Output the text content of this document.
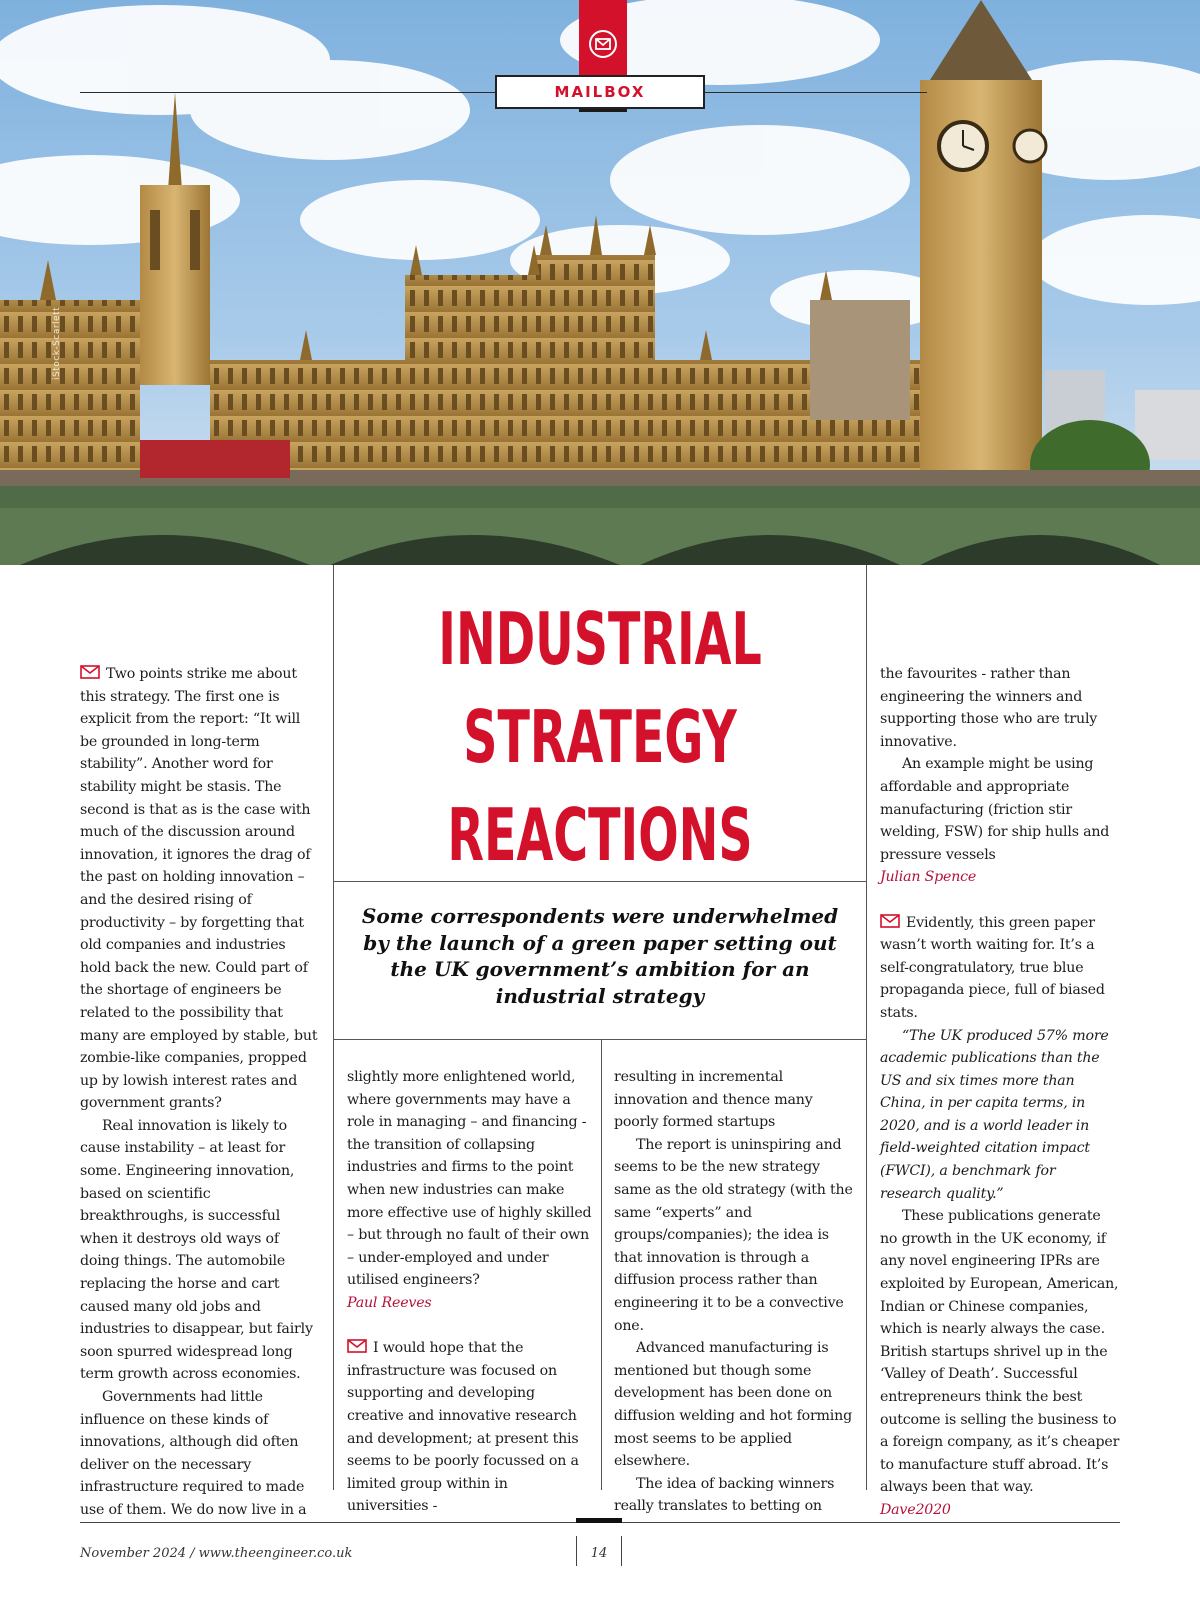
iStock-Scarlett
MAILBOX
INDUSTRIAL
STRATEGY
REACTIONS

Some correspondents were underwhelmed by the launch of a green paper setting out the UK government’s ambition for an industrial strategy

Two points strike me about this strategy. The first one is explicit from the report: “It will be grounded in long-term stability”. Another word for stability might be stasis. The second is that as is the case with much of the discussion around innovation, it ignores the drag of the past on holding innovation – and the desired rising of productivity – by forgetting that old companies and industries hold back the new. Could part of the shortage of engineers be related to the possibility that many are employed by stable, but zombie-like companies, propped up by lowish interest rates and government grants?

Real innovation is likely to cause instability – at least for some. Engineering innovation, based on scientific breakthroughs, is successful when it destroys old ways of doing things. The automobile replacing the horse and cart caused many old jobs and industries to disappear, but fairly soon spurred widespread long term growth across economies.

Governments had little influence on these kinds of innovations, although did often deliver on the necessary infrastructure required to made use of them. We do now live in a

slightly more enlightened world, where governments may have a role in managing – and financing - the transition of collapsing industries and firms to the point when new industries can make more effective use of highly skilled – but through no fault of their own – under-employed and under utilised engineers?

Paul Reeves

I would hope that the infrastructure was focused on supporting and developing creative and innovative research and development; at present this seems to be poorly focussed on a limited group within in universities -

resulting in incremental innovation and thence many poorly formed startups

The report is uninspiring and seems to be the new strategy same as the old strategy (with the same “experts” and groups/companies); the idea is that innovation is through a diffusion process rather than engineering it to be a convective one.

Advanced manufacturing is mentioned but though some development has been done on diffusion welding and hot forming most seems to be applied elsewhere.

The idea of backing winners really translates to betting on

the favourites - rather than engineering the winners and supporting those who are truly innovative.

An example might be using affordable and appropriate manufacturing (friction stir welding, FSW) for ship hulls and pressure vessels

Julian Spence

Evidently, this green paper wasn’t worth waiting for. It’s a self-congratulatory, true blue propaganda piece, full of biased stats.

“The UK produced 57% more academic publications than the US and six times more than China, in per capita terms, in 2020, and is a world leader in field-weighted citation impact (FWCI), a benchmark for research quality.”

These publications generate no growth in the UK economy, if any novel engineering IPRs are exploited by European, American, Indian or Chinese companies, which is nearly always the case. British startups shrivel up in the ‘Valley of Death’. Successful entrepreneurs think the best outcome is selling the business to a foreign company, as it’s cheaper to manufacture stuff abroad. It’s always been that way.

Dave2020

November 2024 / www.theengineer.co.uk	14
